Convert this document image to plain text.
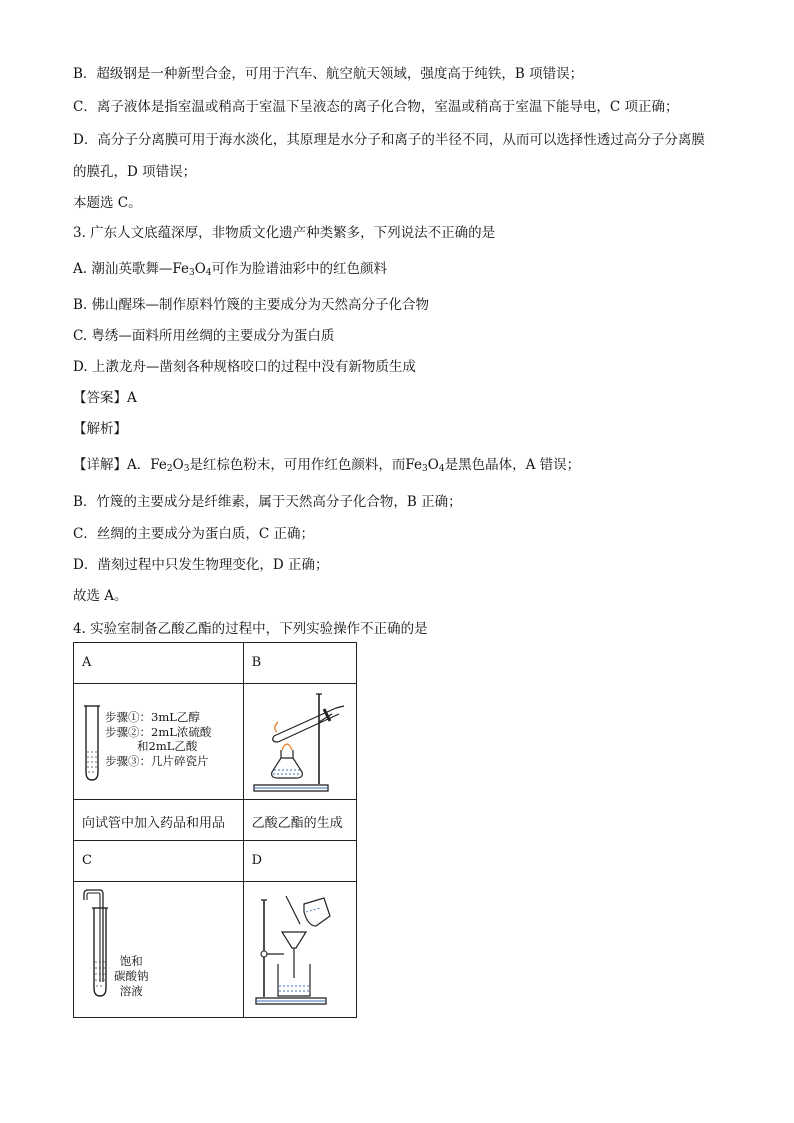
B．超级钢是一种新型合金，可用于汽车、航空航天领域，强度高于纯铁，B 项错误；
C．离子液体是指室温或稍高于室温下呈液态的离子化合物，室温或稍高于室温下能导电，C 项正确；
D．高分子分离膜可用于海水淡化，其原理是水分子和离子的半径不同，从而可以选择性透过高分子分离膜
的膜孔，D 项错误；
本题选 C。
3. 广东人文底蕴深厚，非物质文化遗产种类繁多，下列说法不正确的是
A. 潮汕英歌舞$—Fe_3O_4$可作为脸谱油彩中的红色颜料
B. 佛山醒珠—制作原料竹篾的主要成分为天然高分子化合物
C. 粤绣—面料所用丝绸的主要成分为蛋白质
D. 上漖龙舟—凿刻各种规格咬口的过程中没有新物质生成
【答案】A
【解析】
【详解】A．$Fe_2O_3$是红棕色粉末，可用作红色颜料，而$Fe_3O_4$是黑色晶体，A 错误；
B．竹篾的主要成分是纤维素，属于天然高分子化合物，B 正确；
C．丝绸的主要成分为蛋白质，C 正确；
D．凿刻过程中只发生物理变化，D 正确；
故选 A。
4. 实验室制备乙酸乙酯的过程中，下列实验操作不正确的是
A	B

步骤①：3mL乙醇
步骤②：2mL浓硫酸
和2mL乙酸
步骤③：几片碎瓷片

向试管中加入药品和用品	乙酸乙酯的生成
C	D

饱和
碳酸钠
溶液
